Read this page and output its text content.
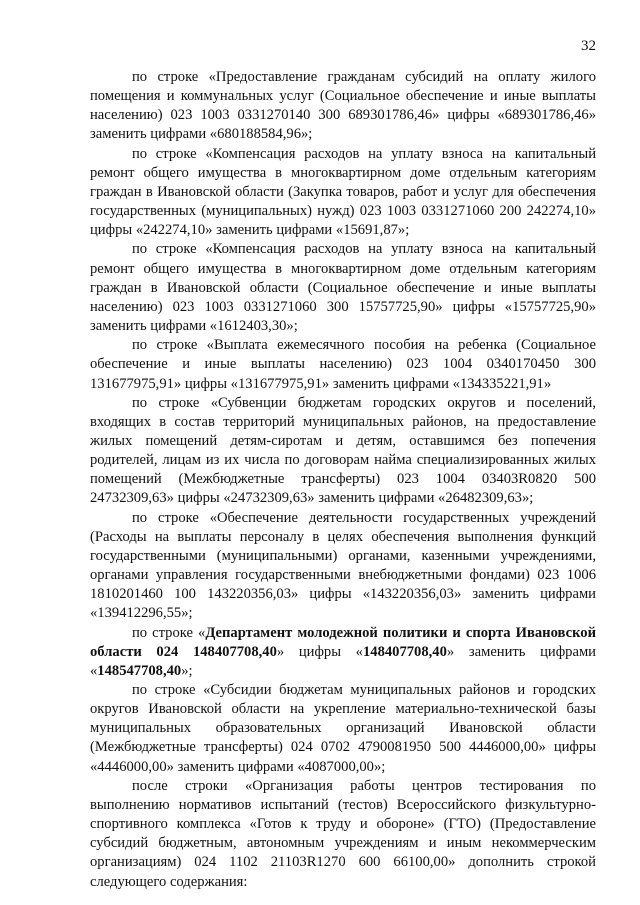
32

по строке «Предоставление гражданам субсидий на оплату жилого помещения и коммунальных услуг (Социальное обеспечение и иные выплаты населению) 023 1003 0331270140 300 689301786,46» цифры «689301786,46» заменить цифрами «680188584,96»;

по строке «Компенсация расходов на уплату взноса на капитальный ремонт общего имущества в многоквартирном доме отдельным категориям граждан в Ивановской области (Закупка товаров, работ и услуг для обеспечения государственных (муниципальных) нужд) 023 1003 0331271060 200 242274,10» цифры «242274,10» заменить цифрами «15691,87»;

по строке «Компенсация расходов на уплату взноса на капитальный ремонт общего имущества в многоквартирном доме отдельным категориям граждан в Ивановской области (Социальное обеспечение и иные выплаты населению) 023 1003 0331271060 300 15757725,90» цифры «15757725,90» заменить цифрами «1612403,30»;

по строке «Выплата ежемесячного пособия на ребенка (Социальное обеспечение и иные выплаты населению) 023 1004 0340170450 300 131677975,91» цифры «131677975,91» заменить цифрами «134335221,91»

по строке «Субвенции бюджетам городских округов и поселений, входящих в состав территорий муниципальных районов, на предоставление жилых помещений детям-сиротам и детям, оставшимся без попечения родителей, лицам из их числа по договорам найма специализированных жилых помещений (Межбюджетные трансферты) 023 1004 03403R0820 500 24732309,63» цифры «24732309,63» заменить цифрами «26482309,63»;

по строке «Обеспечение деятельности государственных учреждений (Расходы на выплаты персоналу в целях обеспечения выполнения функций государственными (муниципальными) органами, казенными учреждениями, органами управления государственными внебюджетными фондами) 023 1006 1810201460 100 143220356,03» цифры «143220356,03» заменить цифрами «139412296,55»;

по строке «Департамент молодежной политики и спорта Ивановской области 024 148407708,40» цифры «148407708,40» заменить цифрами «148547708,40»;

по строке «Субсидии бюджетам муниципальных районов и городских округов Ивановской области на укрепление материально-технической базы муниципальных образовательных организаций Ивановской области (Межбюджетные трансферты) 024 0702 4790081950 500 4446000,00» цифры «4446000,00» заменить цифрами «4087000,00»;

после строки «Организация работы центров тестирования по выполнению нормативов испытаний (тестов) Всероссийского физкультурно-спортивного комплекса «Готов к труду и обороне» (ГТО) (Предоставление субсидий бюджетным, автономным учреждениям и иным некоммерческим организациям) 024 1102 21103R1270 600 66100,00» дополнить строкой следующего содержания:
